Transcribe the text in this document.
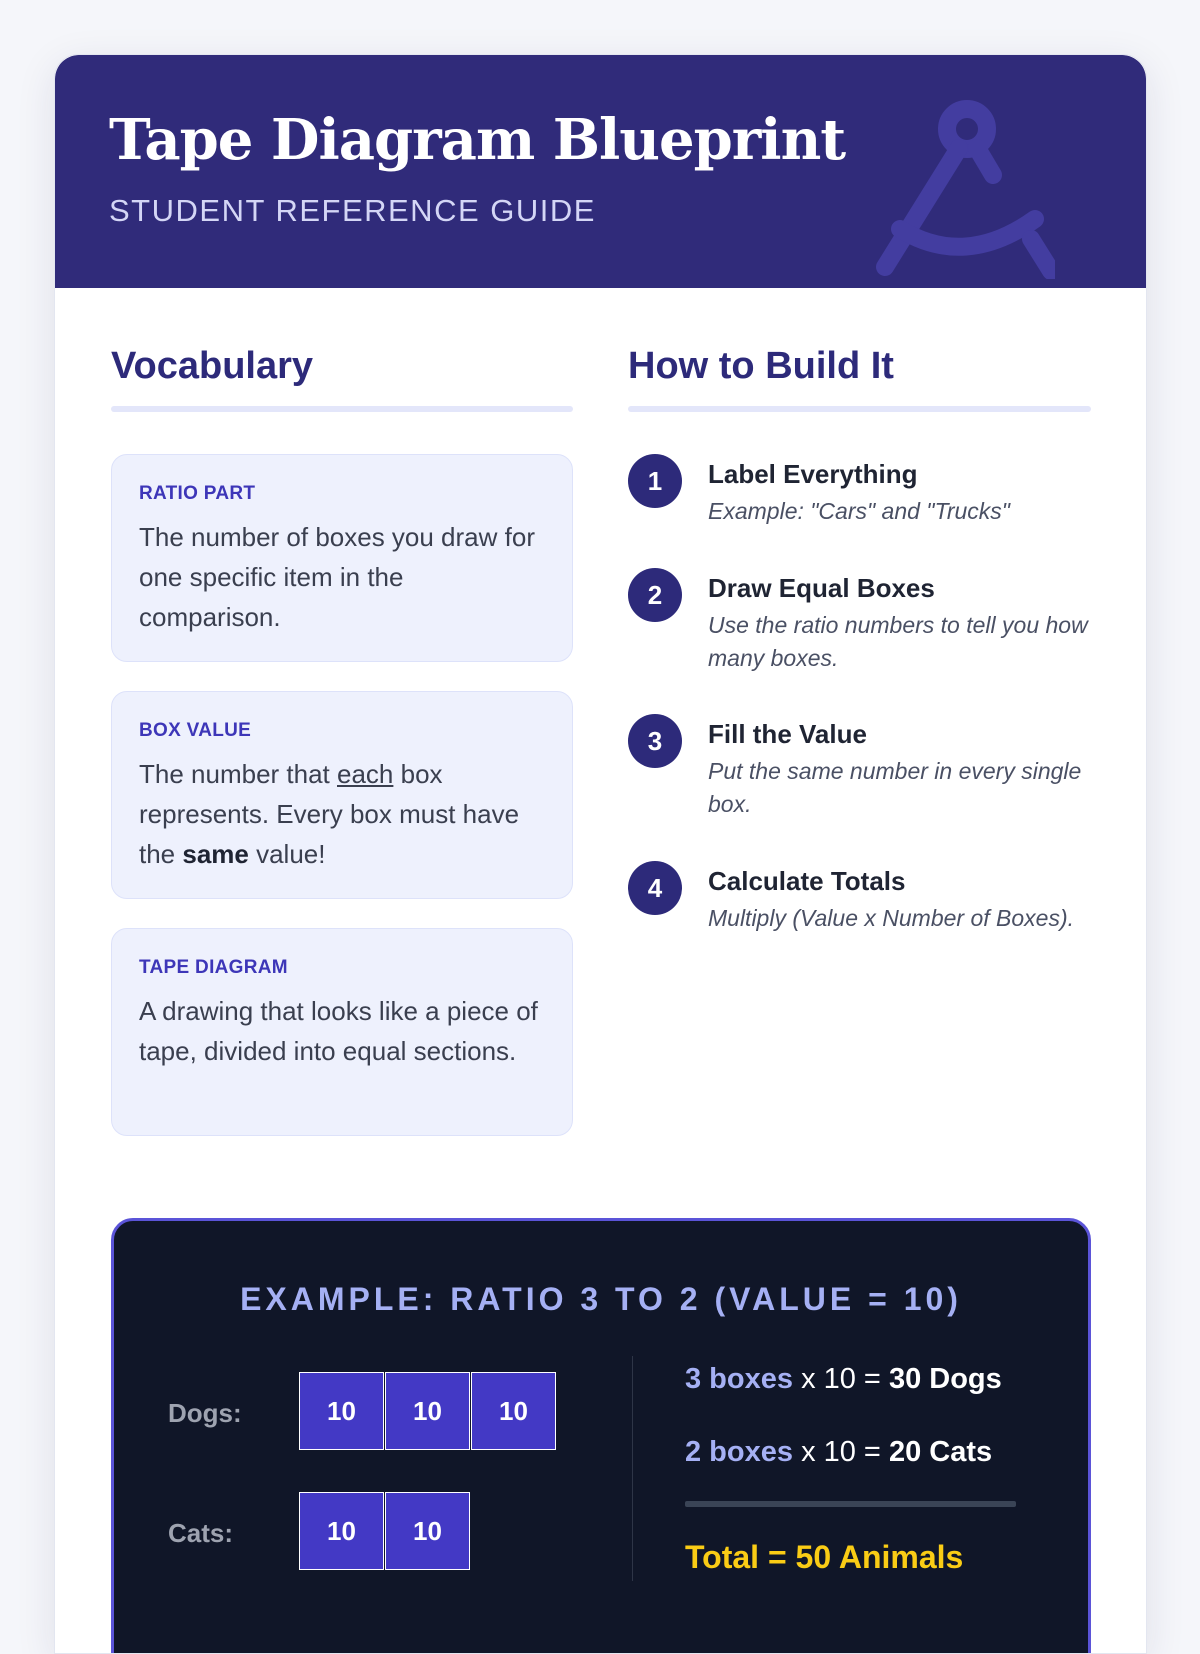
Tape Diagram Blueprint
STUDENT REFERENCE GUIDE
Vocabulary
RATIO PART
The number of boxes you draw for one specific item in the comparison.
BOX VALUE
The number that each box represents. Every box must have the same value!
TAPE DIAGRAM
A drawing that looks like a piece of tape, divided into equal sections.
How to Build It
1	Label Everything
Example: "Cars" and "Trucks"
2	Draw Equal Boxes
Use the ratio numbers to tell you how many boxes.
3	Fill the Value
Put the same number in every single box.
4	Calculate Totals
Multiply (Value x Number of Boxes).
EXAMPLE: RATIO 3 TO 2 (VALUE = 10)
Dogs:	10	10	10
Cats:	10	10
3 boxes x 10 = 30 Dogs
2 boxes x 10 = 20 Cats
Total = 50 Animals
